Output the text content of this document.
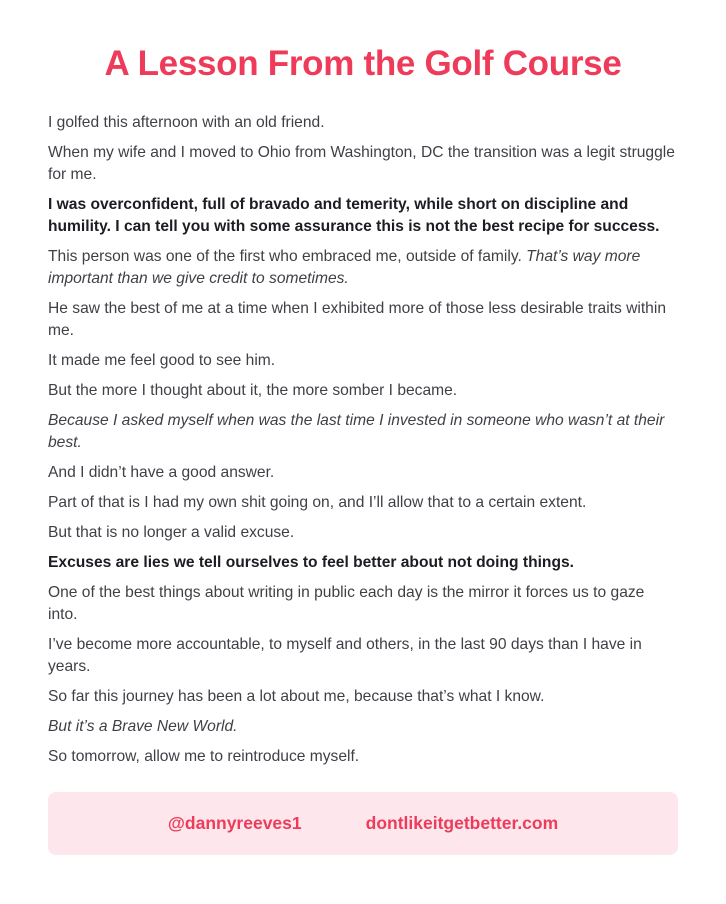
A Lesson From the Golf Course

I golfed this afternoon with an old friend.

When my wife and I moved to Ohio from Washington, DC the transition was a legit struggle for me.

I was overconfident, full of bravado and temerity, while short on discipline and humility. I can tell you with some assurance this is not the best recipe for success.

This person was one of the first who embraced me, outside of family. That’s way more important than we give credit to sometimes.

He saw the best of me at a time when I exhibited more of those less desirable traits within me.

It made me feel good to see him.

But the more I thought about it, the more somber I became.

Because I asked myself when was the last time I invested in someone who wasn’t at their best.

And I didn’t have a good answer.

Part of that is I had my own shit going on, and I’ll allow that to a certain extent.

But that is no longer a valid excuse.

Excuses are lies we tell ourselves to feel better about not doing things.

One of the best things about writing in public each day is the mirror it forces us to gaze into.

I’ve become more accountable, to myself and others, in the last 90 days than I have in years.

So far this journey has been a lot about me, because that’s what I know.

But it’s a Brave New World.

So tomorrow, allow me to reintroduce myself.

@dannyreeves1	dontlikeitgetbetter.com
